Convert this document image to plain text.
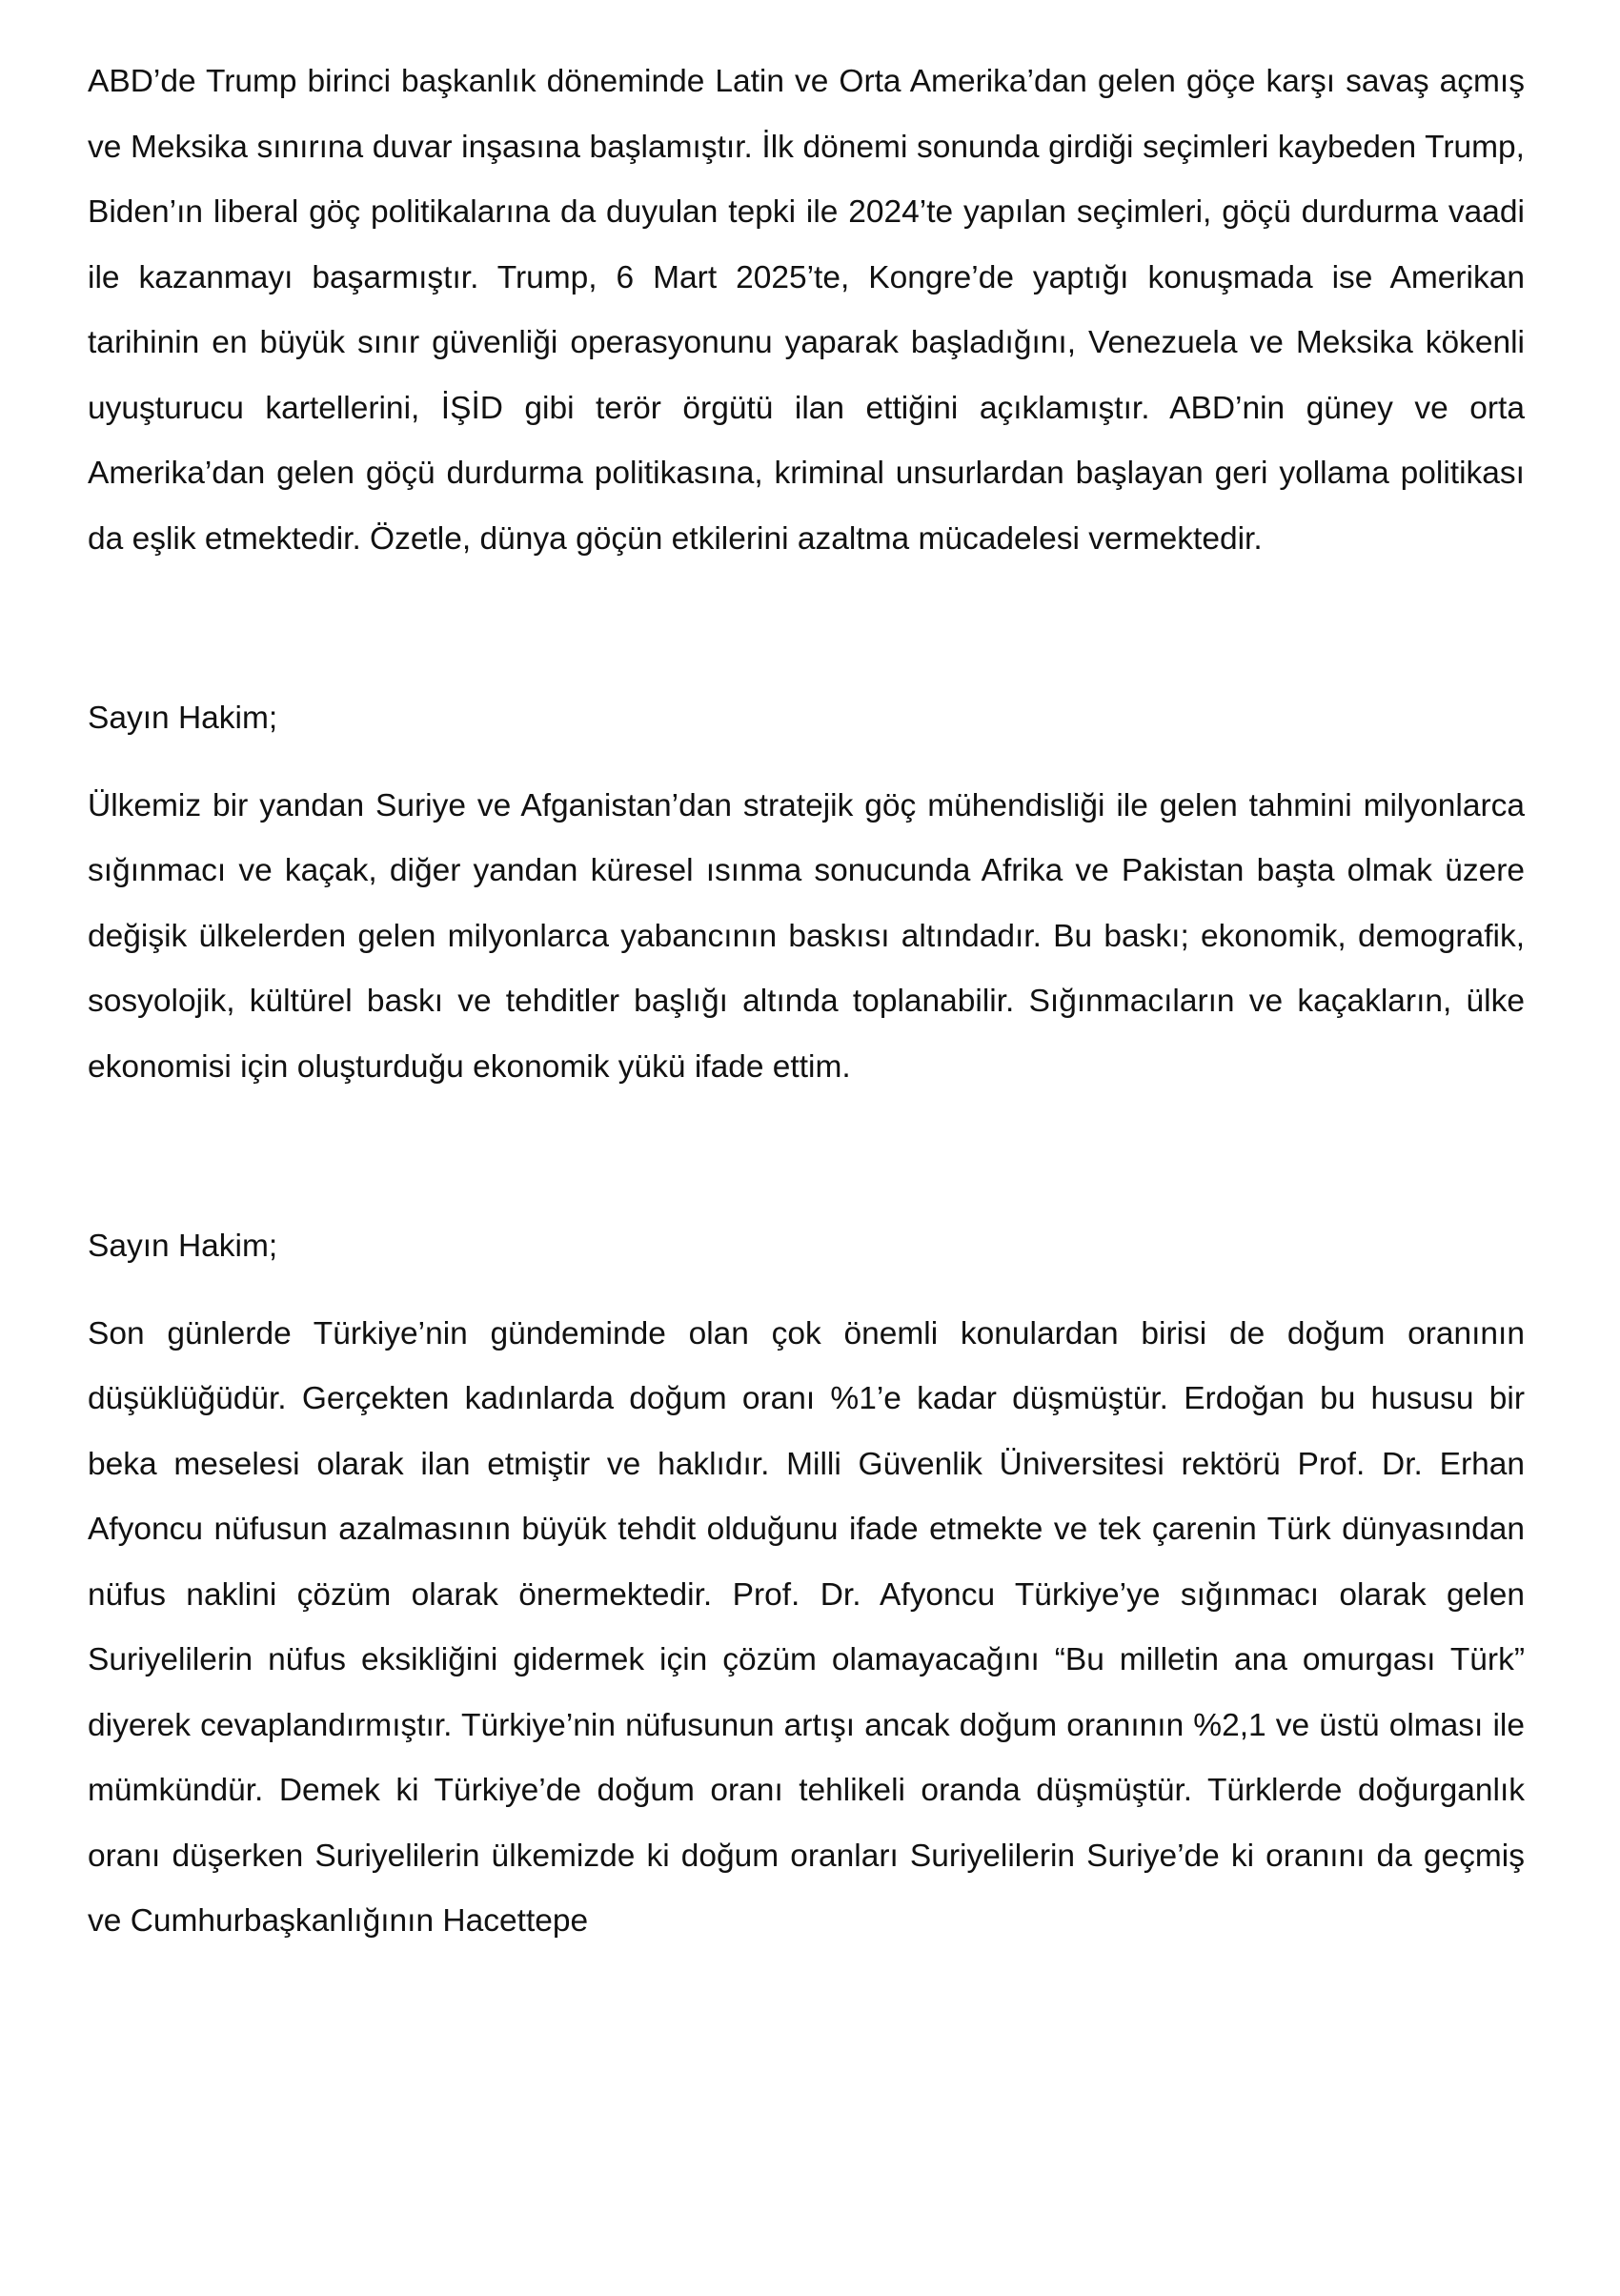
ABD’de Trump birinci başkanlık döneminde Latin ve Orta Amerika’dan gelen göçe karşı savaş açmış ve Meksika sınırına duvar inşasına başlamıştır. İlk dönemi sonunda girdiği seçimleri kaybeden Trump, Biden’ın liberal göç politikalarına da duyulan tepki ile 2024’te yapılan seçimleri, göçü durdurma vaadi ile kazanmayı başarmıştır. Trump, 6 Mart 2025’te, Kongre’de yaptığı konuşmada ise Amerikan tarihinin en büyük sınır güvenliği operasyonunu yaparak başladığını, Venezuela ve Meksika kökenli uyuşturucu kartellerini, İŞİD gibi terör örgütü ilan ettiğini açıklamıştır. ABD’nin güney ve orta Amerika’dan gelen göçü durdurma politikasına, kriminal unsurlardan başlayan geri yollama politikası da eşlik etmektedir. Özetle, dünya göçün etkilerini azaltma mücadelesi vermektedir.

Sayın Hakim;

Ülkemiz bir yandan Suriye ve Afganistan’dan stratejik göç mühendisliği ile gelen tahmini milyonlarca sığınmacı ve kaçak, diğer yandan küresel ısınma sonucunda Afrika ve Pakistan başta olmak üzere değişik ülkelerden gelen milyonlarca yabancının baskısı altındadır. Bu baskı; ekonomik, demografik, sosyolojik, kültürel baskı ve tehditler başlığı altında toplanabilir. Sığınmacıların ve kaçakların, ülke ekonomisi için oluşturduğu ekonomik yükü ifade ettim.

Sayın Hakim;

Son günlerde Türkiye’nin gündeminde olan çok önemli konulardan birisi de doğum oranının düşüklüğüdür. Gerçekten kadınlarda doğum oranı %1’e kadar düşmüştür. Erdoğan bu hususu bir beka meselesi olarak ilan etmiştir ve haklıdır. Milli Güvenlik Üniversitesi rektörü Prof. Dr. Erhan Afyoncu nüfusun azalmasının büyük tehdit olduğunu ifade etmekte ve tek çarenin Türk dünyasından nüfus naklini çözüm olarak önermektedir. Prof. Dr. Afyoncu Türkiye’ye sığınmacı olarak gelen Suriyelilerin nüfus eksikliğini gidermek için çözüm olamayacağını “Bu milletin ana omurgası Türk” diyerek cevaplandırmıştır. Türkiye’nin nüfusunun artışı ancak doğum oranının %2,1 ve üstü olması ile mümkündür. Demek ki Türkiye’de doğum oranı tehlikeli oranda düşmüştür. Türklerde doğurganlık oranı düşerken Suriyelilerin ülkemizde ki doğum oranları Suriyelilerin Suriye’de ki oranını da geçmiş ve Cumhurbaşkanlığının Hacettepe
